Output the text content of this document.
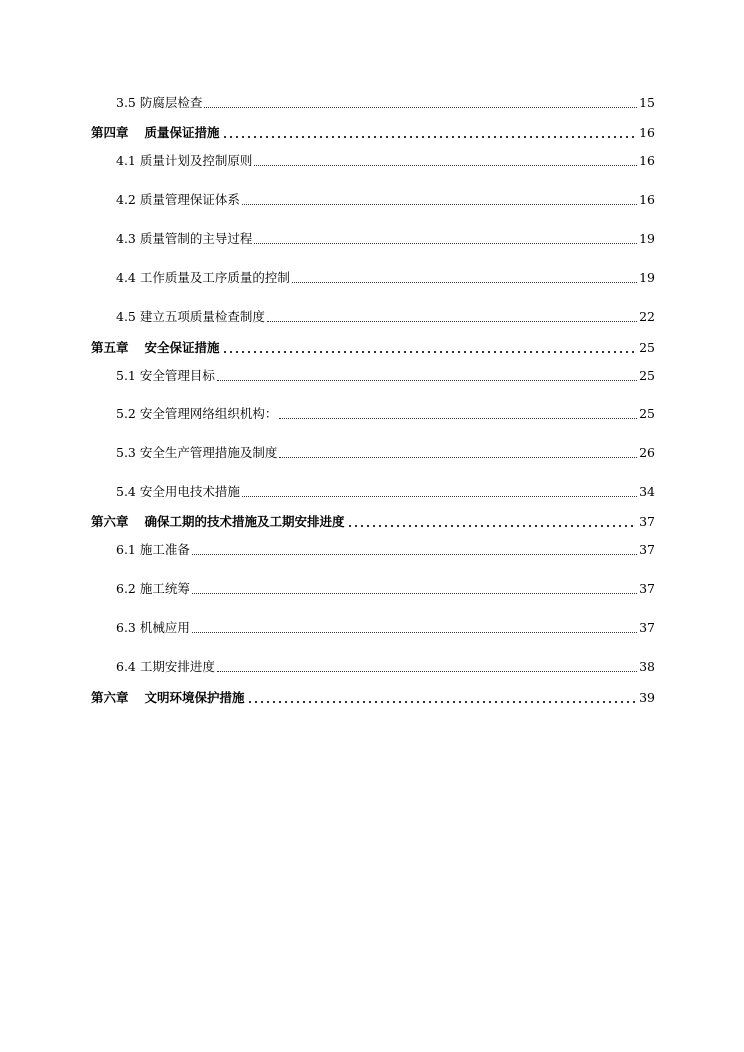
3.5 防腐层检查	15
第四章 质量保证措施	16
4.1 质量计划及控制原则	16
4.2 质量管理保证体系	16
4.3 质量管制的主导过程	19
4.4 工作质量及工序质量的控制	19
4.5 建立五项质量检查制度	22
第五章 安全保证措施	25
5.1 安全管理目标	25
5.2 安全管理网络组织机构：	25
5.3 安全生产管理措施及制度	26
5.4 安全用电技术措施	34
第六章 确保工期的技术措施及工期安排进度	37
6.1 施工准备	37
6.2 施工统筹	37
6.3 机械应用	37
6.4 工期安排进度	38
第六章 文明环境保护措施	39
